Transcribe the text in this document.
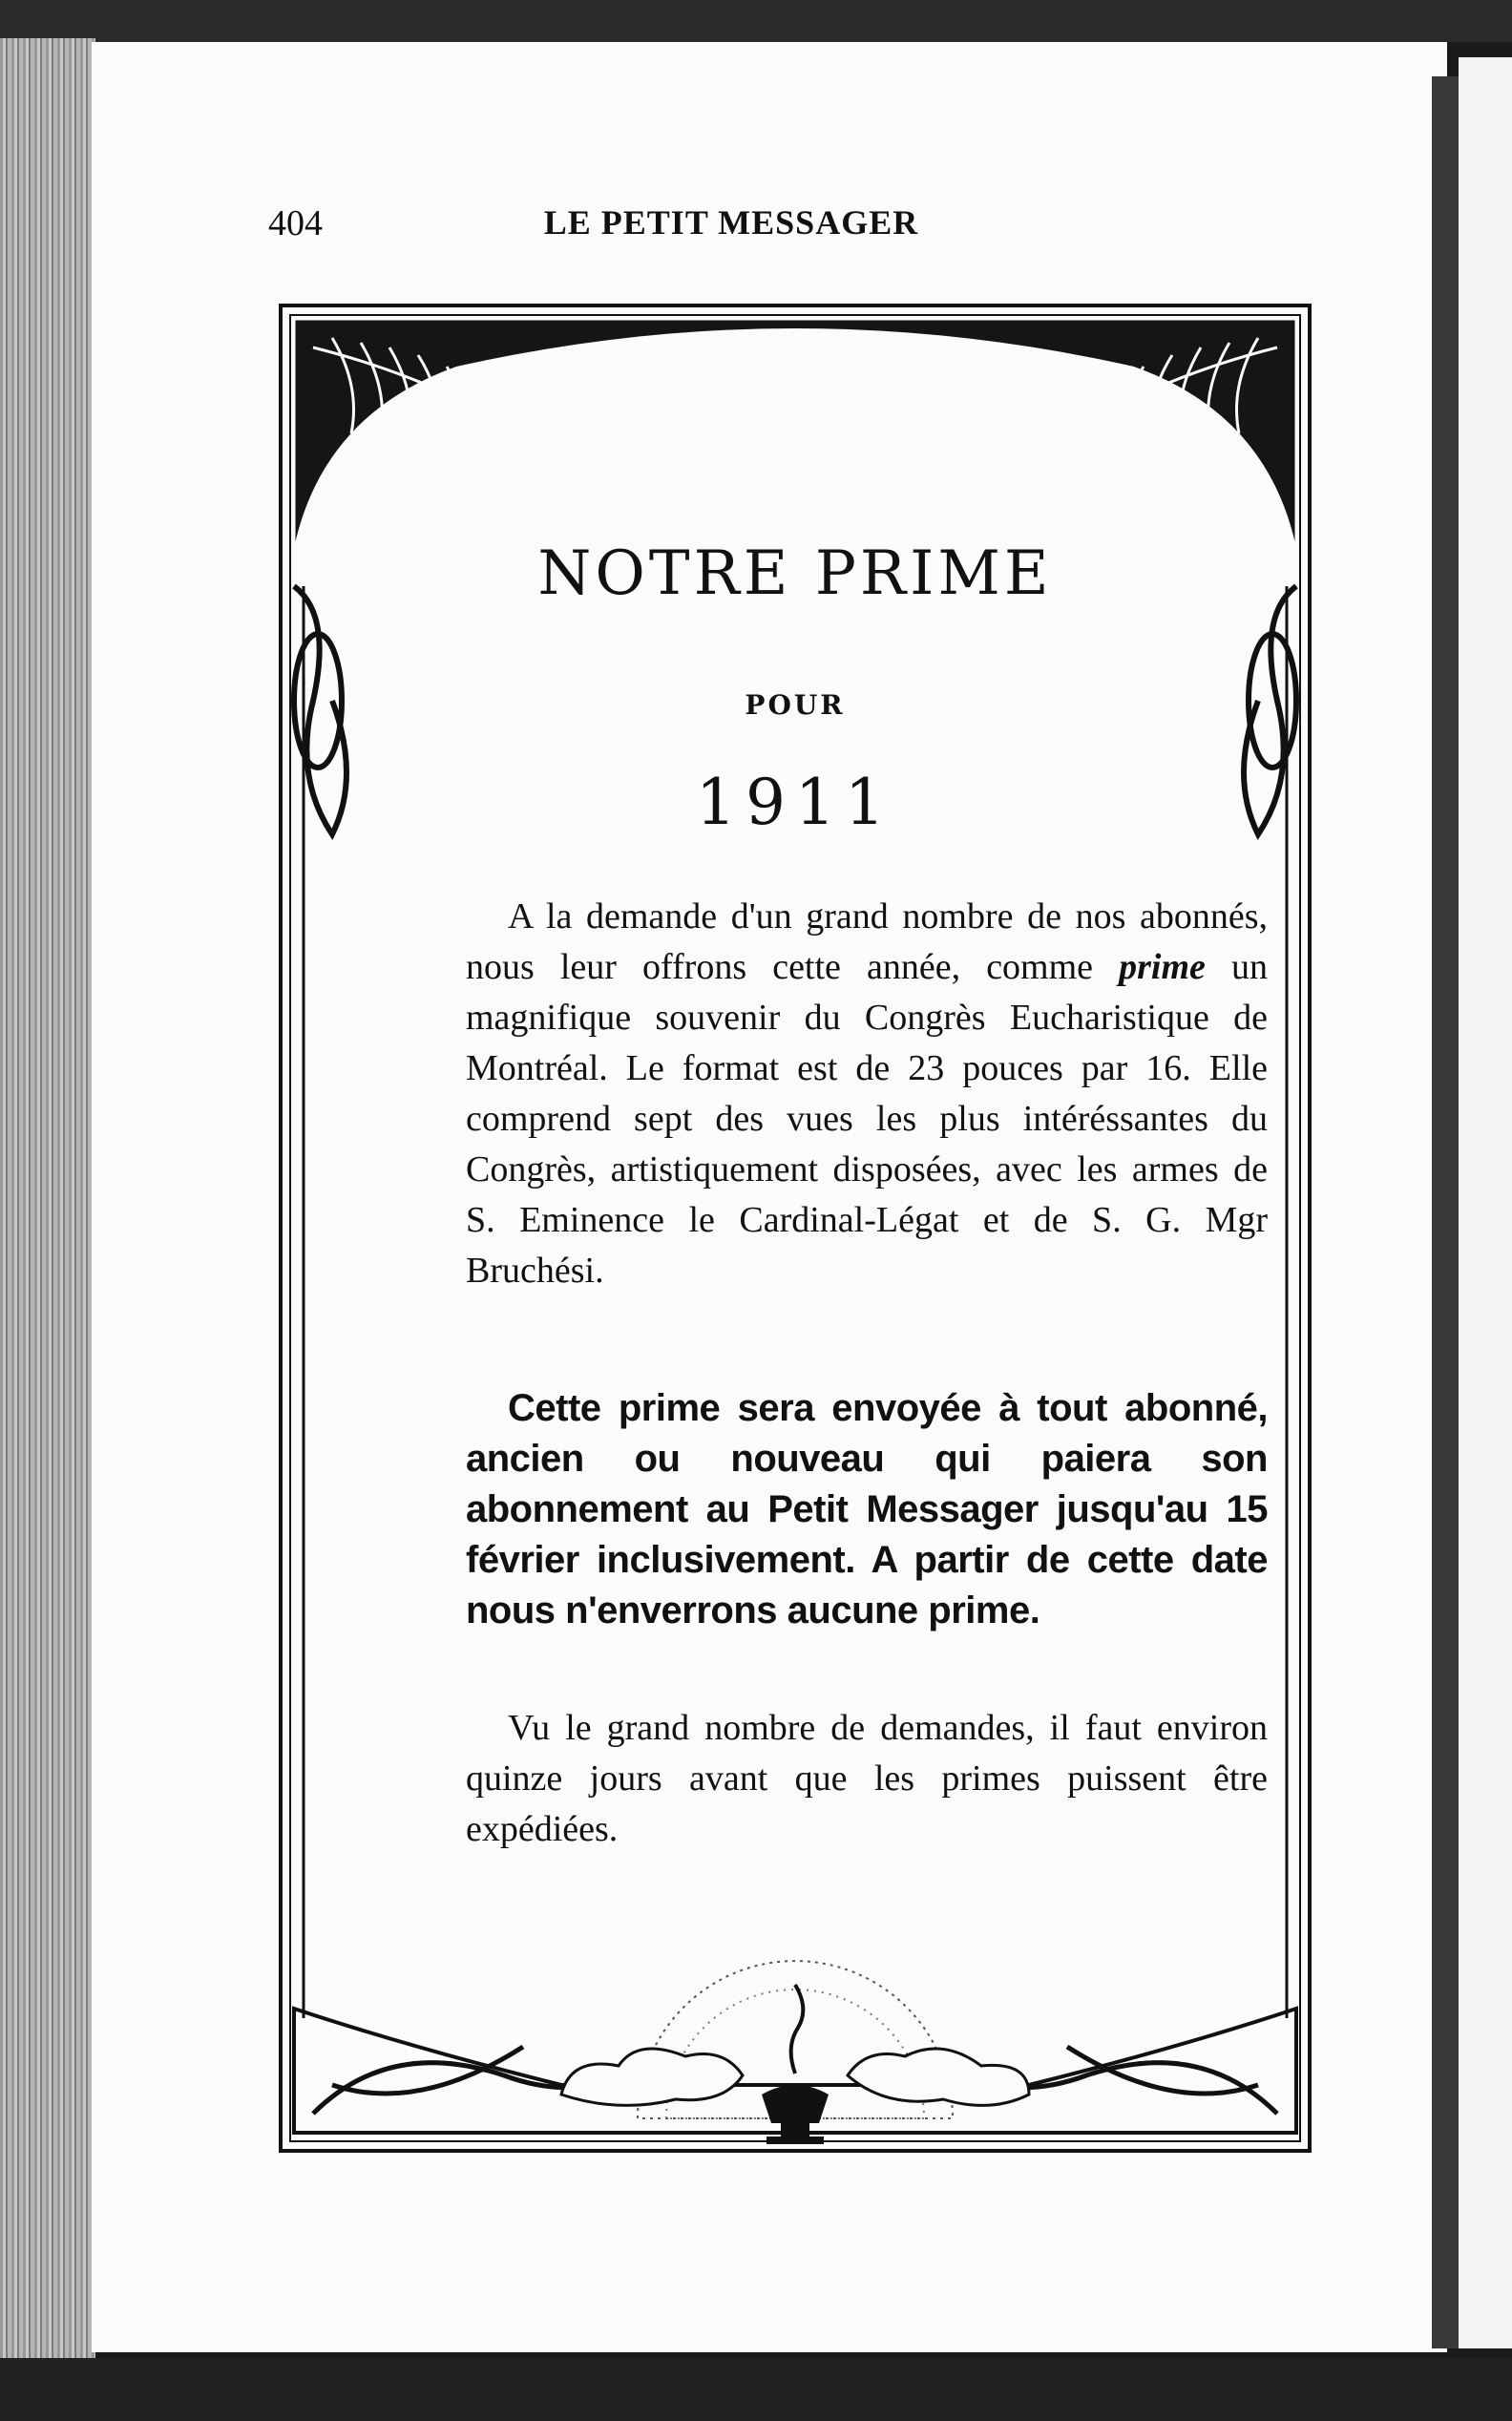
404	LE PETIT MESSAGER
NOTRE PRIME
POUR
1911
A la demande d'un grand nombre de nos abonnés, nous leur offrons cette année, comme prime un magnifique souvenir du Congrès Eucharistique de Montréal. Le format est de 23 pouces par 16. Elle comprend sept des vues les plus intéréssantes du Congrès, artistiquement disposées, avec les armes de S. Eminence le Cardinal-Légat et de S. G. Mgr Bruchési.
Cette prime sera envoyée à tout abonné, ancien ou nouveau qui paiera son abonnement au Petit Messager jusqu'au 15 février inclusivement. A partir de cette date nous n'enverrons aucune prime.
Vu le grand nombre de demandes, il faut environ quinze jours avant que les primes puissent être expédiées.
